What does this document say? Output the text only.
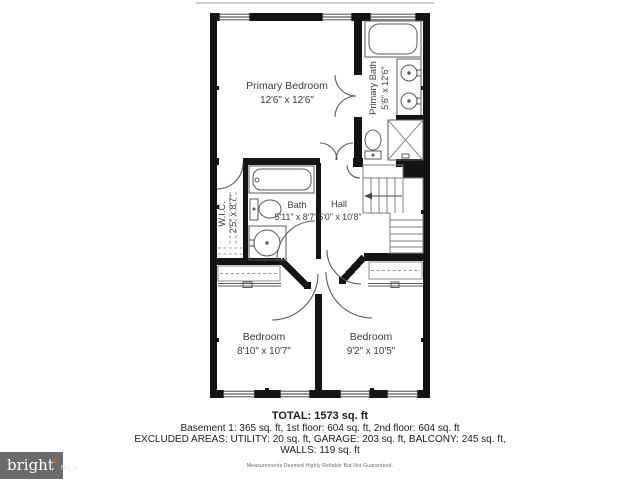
Primary Bedroom
12'6" x 12'6"	Primary Bath 5'6" x 12'6"
W.I.C. 2'5" x 8'7"	Bath
5'11" x 8'7"
Hall
5'0" x 10'8"
Bedroom
8'10" x 10'7"
Bedroom
9'2" x 10'5"
TOTAL: 1573 sq. ft
Basement 1: 365 sq. ft, 1st floor: 604 sq. ft, 2nd floor: 604 sq. ft
EXCLUDED AREAS: UTILITY: 20 sq. ft, GARAGE: 203 sq. ft, BALCONY: 245 sq. ft,
WALLS: 119 sq. ft
Measurements Deemed Highly Reliable But Not Guaranteed.
bright ✱
MLS
